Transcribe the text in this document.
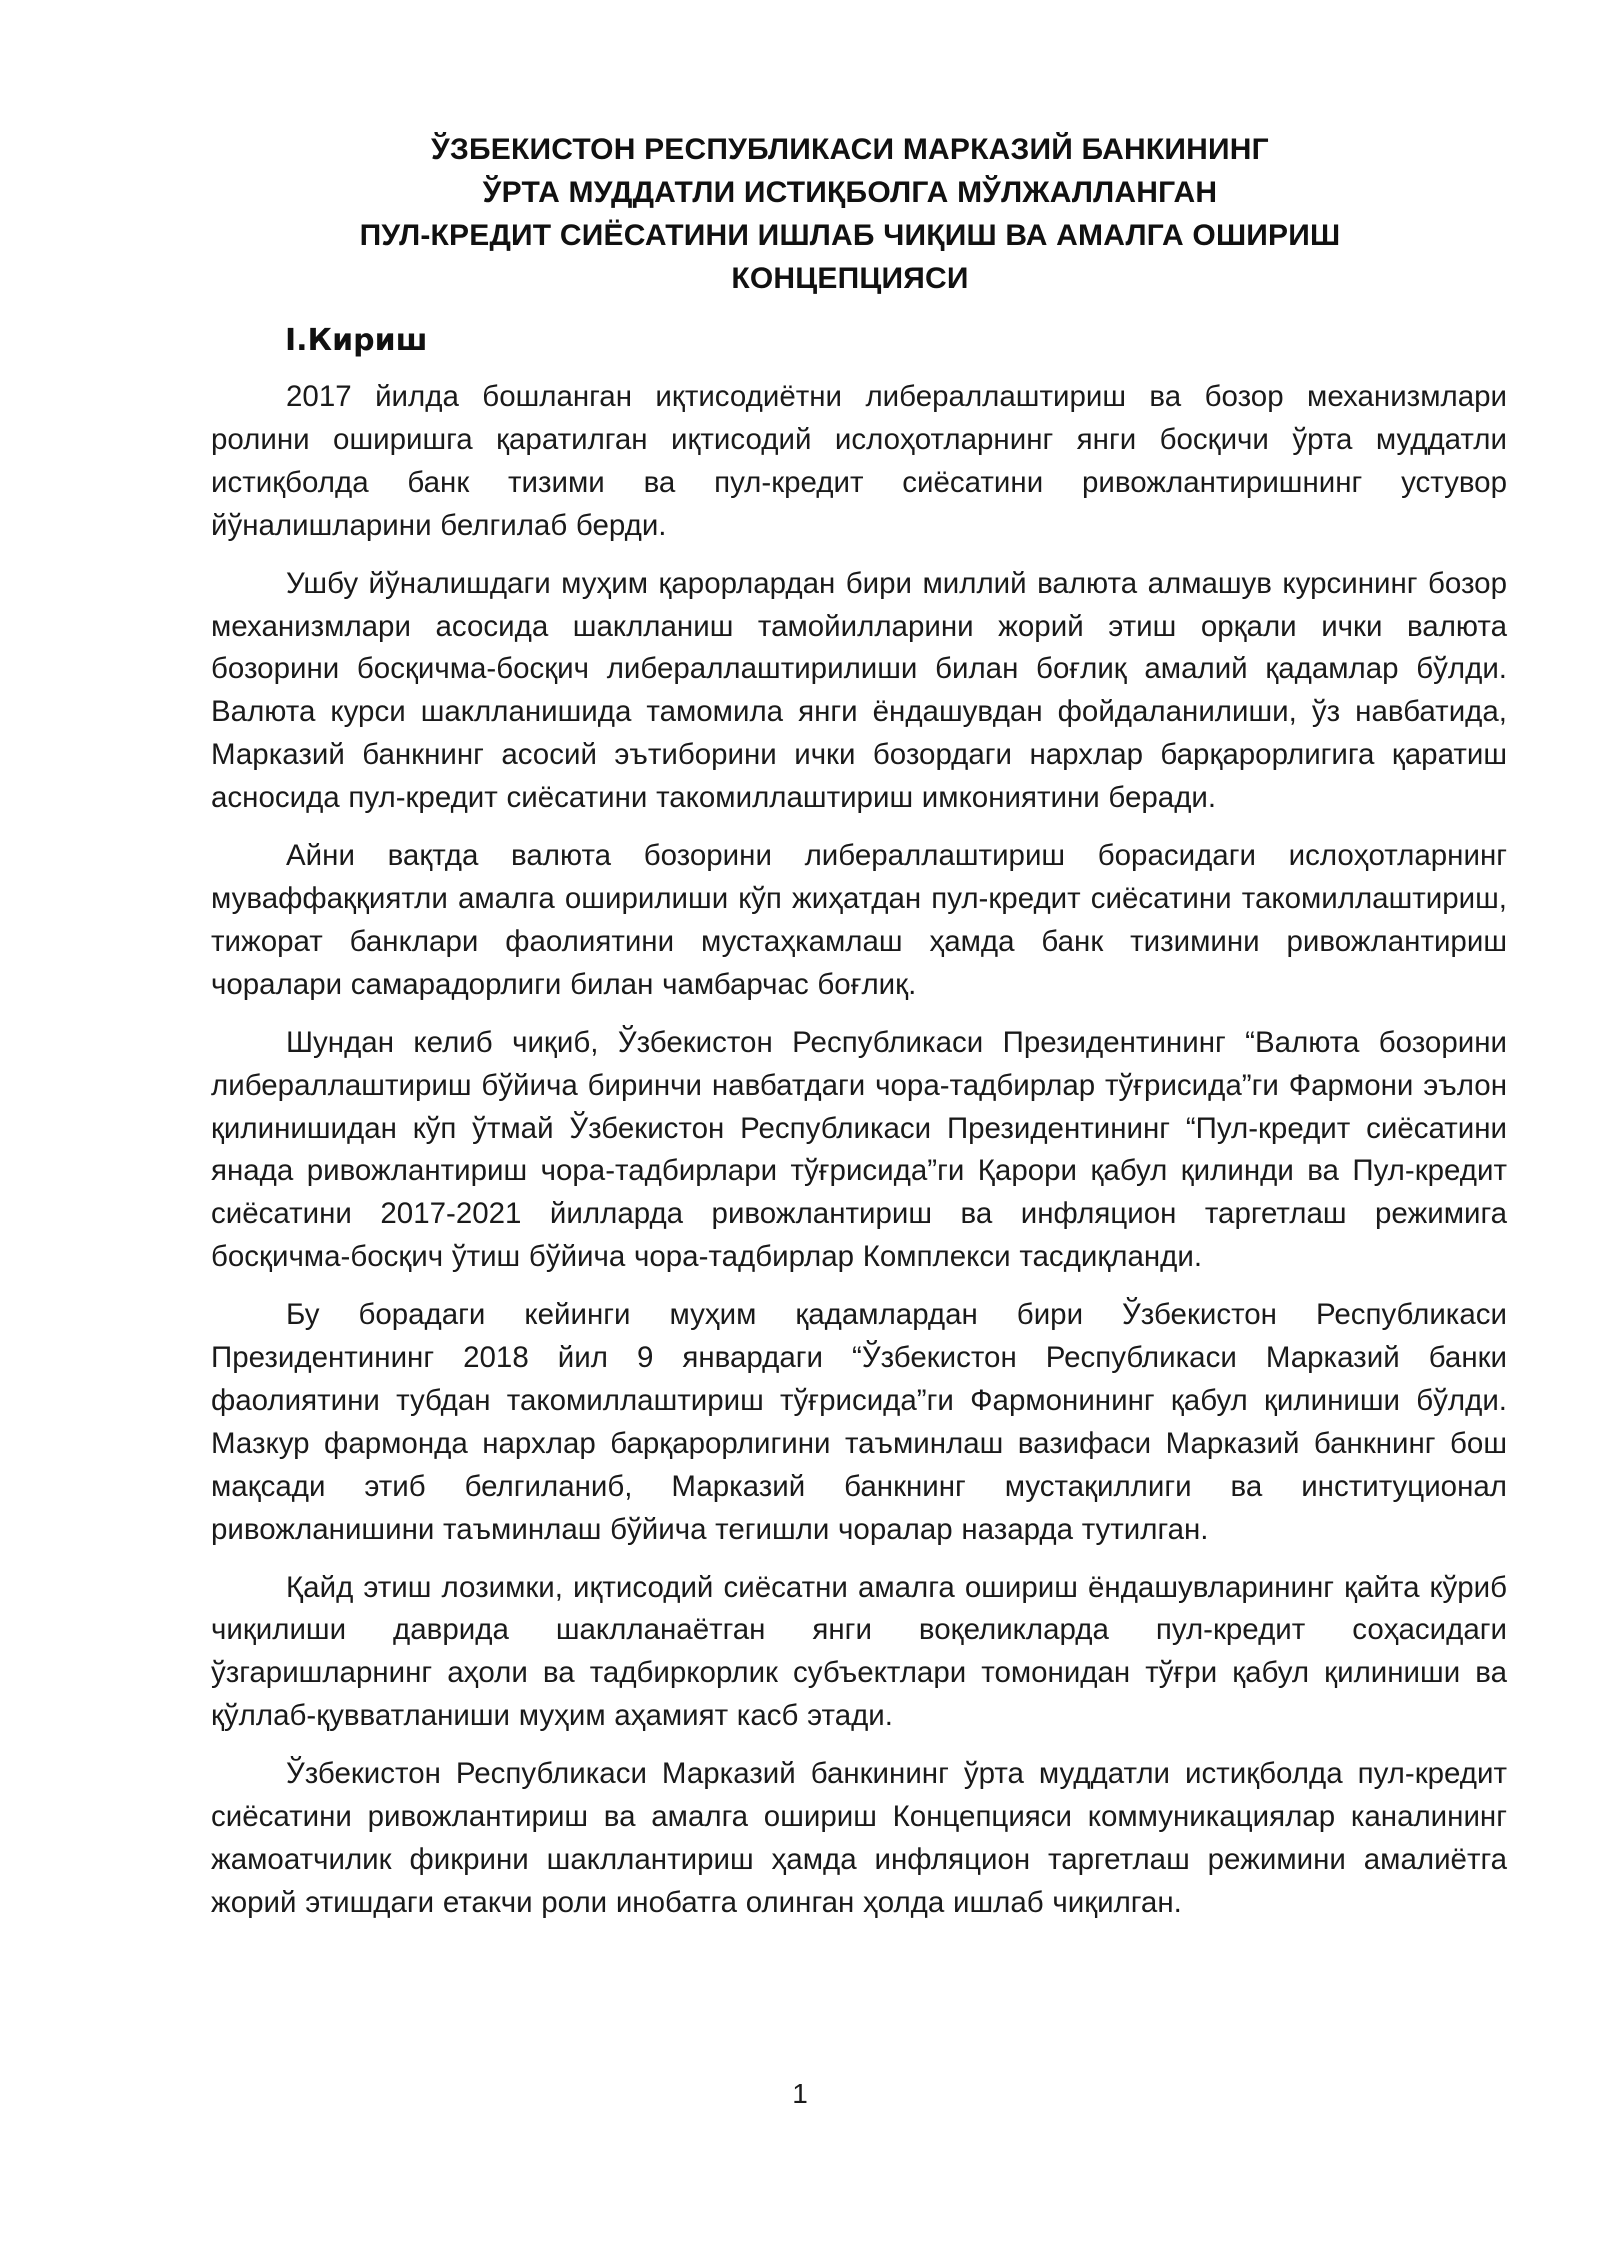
ЎЗБЕКИСТОН РЕСПУБЛИКАСИ МАРКАЗИЙ БАНКИНИНГ
ЎРТА МУДДАТЛИ ИСТИҚБОЛГА МЎЛЖАЛЛАНГАН
ПУЛ-КРЕДИТ СИЁСАТИНИ ИШЛАБ ЧИҚИШ ВА АМАЛГА ОШИРИШ
КОНЦЕПЦИЯСИ
I.Кириш

2017 йилда бошланган иқтисодиётни либераллаштириш ва бозор механизмлари ролини оширишга қаратилган иқтисодий ислоҳотларнинг янги босқичи ўрта муддатли истиқболда банк тизими ва пул-кредит сиёсатини ривожлантиришнинг устувор йўналишларини белгилаб берди.

Ушбу йўналишдаги муҳим қарорлардан бири миллий валюта алмашув курсининг бозор механизмлари асосида шаклланиш тамойилларини жорий этиш орқали ички валюта бозорини босқичма-босқич либераллаштирилиши билан боғлиқ амалий қадамлар бўлди. Валюта курси шаклланишида тамомила янги ёндашувдан фойдаланилиши, ўз навбатида, Марказий банкнинг асосий эътиборини ички бозордаги нархлар барқарорлигига қаратиш асносида пул-кредит сиёсатини такомиллаштириш имкониятини беради.

Айни вақтда валюта бозорини либераллаштириш борасидаги ислоҳотларнинг муваффаққиятли амалга оширилиши кўп жиҳатдан пул-кредит сиёсатини такомиллаштириш, тижорат банклари фаолиятини мустаҳкамлаш ҳамда банк тизимини ривожлантириш чоралари самарадорлиги билан чамбарчас боғлиқ.

Шундан келиб чиқиб, Ўзбекистон Республикаси Президентининг “Валюта бозорини либераллаштириш бўйича биринчи навбатдаги чора-тадбирлар тўғрисида”ги Фармони эълон қилинишидан кўп ўтмай Ўзбекистон Республикаси Президентининг “Пул-кредит сиёсатини янада ривожлантириш чора-тадбирлари тўғрисида”ги Қарори қабул қилинди ва Пул-кредит сиёсатини 2017-2021 йилларда ривожлантириш ва инфляцион таргетлаш режимига босқичма-босқич ўтиш бўйича чора-тадбирлар Комплекси тасдиқланди.

Бу борадаги кейинги муҳим қадамлардан бири Ўзбекистон Республикаси Президентининг 2018 йил 9 январдаги “Ўзбекистон Республикаси Марказий банки фаолиятини тубдан такомиллаштириш тўғрисида”ги Фармонининг қабул қилиниши бўлди. Мазкур фармонда нархлар барқарорлигини таъминлаш вазифаси Марказий банкнинг бош мақсади этиб белгиланиб, Марказий банкнинг мустақиллиги ва институционал ривожланишини таъминлаш бўйича тегишли чоралар назарда тутилган.

Қайд этиш лозимки, иқтисодий сиёсатни амалга ошириш ёндашувларининг қайта кўриб чиқилиши даврида шаклланаётган янги воқеликларда пул-кредит соҳасидаги ўзгаришларнинг аҳоли ва тадбиркорлик субъектлари томонидан тўғри қабул қилиниши ва қўллаб-қувватланиши муҳим аҳамият касб этади.

Ўзбекистон Республикаси Марказий банкининг ўрта муддатли истиқболда пул-кредит сиёсатини ривожлантириш ва амалга ошириш Концепцияси коммуникациялар каналининг жамоатчилик фикрини шакллантириш ҳамда инфляцион таргетлаш режимини амалиётга жорий этишдаги етакчи роли инобатга олинган ҳолда ишлаб чиқилган.

1
